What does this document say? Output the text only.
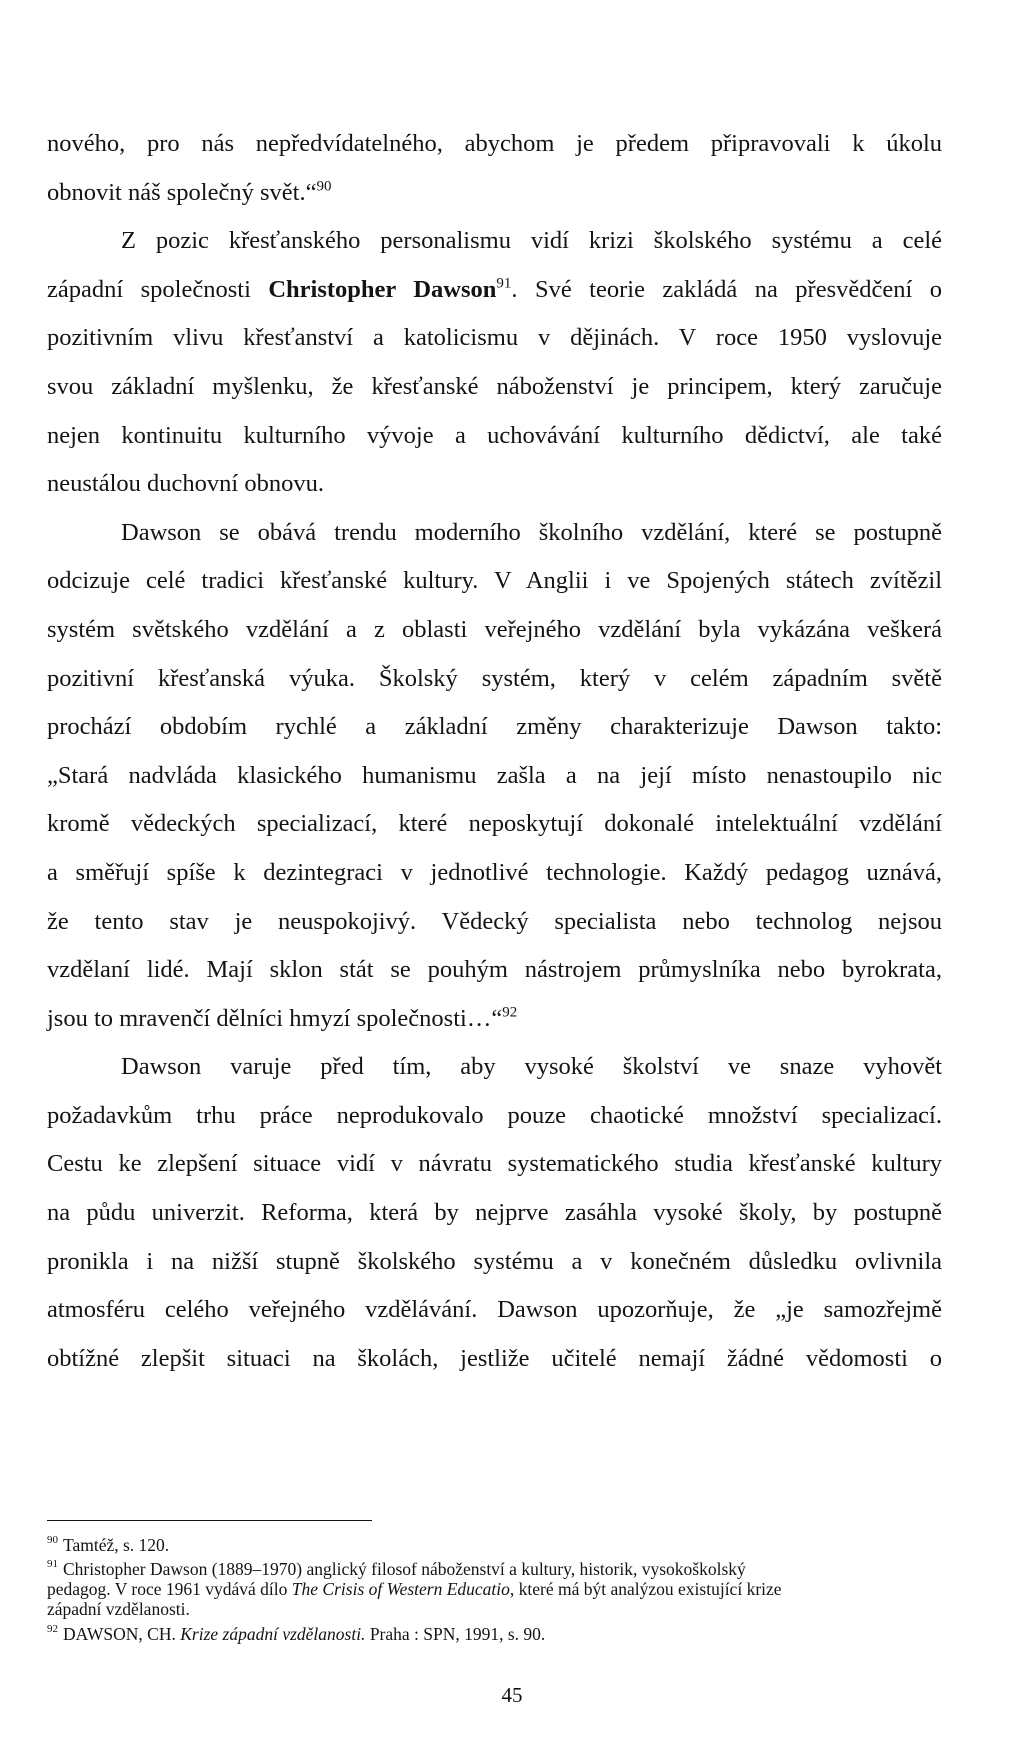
nového, pro nás nepředvídatelného, abychom je předem připravovali k úkolu
obnovit náš společný svět.“$^{90}$
Z pozic křesťanského personalismu vidí krizi školského systému a celé
západní společnosti Christopher Dawson$^{91}$. Své teorie zakládá na přesvědčení o
pozitivním vlivu křesťanství a katolicismu v dějinách. V roce 1950 vyslovuje
svou základní myšlenku, že křesťanské náboženství je principem, který zaručuje
nejen kontinuitu kulturního vývoje a uchovávání kulturního dědictví, ale také
neustálou duchovní obnovu.
Dawson se obává trendu moderního školního vzdělání, které se postupně
odcizuje celé tradici křesťanské kultury. V Anglii i ve Spojených státech zvítězil
systém světského vzdělání a z oblasti veřejného vzdělání byla vykázána veškerá
pozitivní křesťanská výuka. Školský systém, který v celém západním světě
prochází obdobím rychlé a základní změny charakterizuje Dawson takto:
„Stará nadvláda klasického humanismu zašla a na její místo nenastoupilo nic
kromě vědeckých specializací, které neposkytují dokonalé intelektuální vzdělání
a směřují spíše k dezintegraci v jednotlivé technologie. Každý pedagog uznává,
že tento stav je neuspokojivý. Vědecký specialista nebo technolog nejsou
vzdělaní lidé. Mají sklon stát se pouhým nástrojem průmyslníka nebo byrokrata,
jsou to mravenčí dělníci hmyzí společnosti…“$^{92}$
Dawson varuje před tím, aby vysoké školství ve snaze vyhovět
požadavkům trhu práce neprodukovalo pouze chaotické množství specializací.
Cestu ke zlepšení situace vidí v návratu systematického studia křesťanské kultury
na půdu univerzit. Reforma, která by nejprve zasáhla vysoké školy, by postupně
pronikla i na nižší stupně školského systému a v konečném důsledku ovlivnila
atmosféru celého veřejného vzdělávání. Dawson upozorňuje, že „je samozřejmě
obtížné zlepšit situaci na školách, jestliže učitelé nemají žádné vědomosti o

$^{90}$ Tamtéž, s. 120.

$^{91}$ Christopher Dawson (1889–1970) anglický filosof náboženství a kultury, historik, vysokoškolský
pedagog. V roce 1961 vydává dílo The Crisis of Western Educatio, které má být analýzou existující krize
západní vzdělanosti.

$^{92}$ DAWSON, CH. Krize západní vzdělanosti. Praha : SPN, 1991, s. 90.

45
